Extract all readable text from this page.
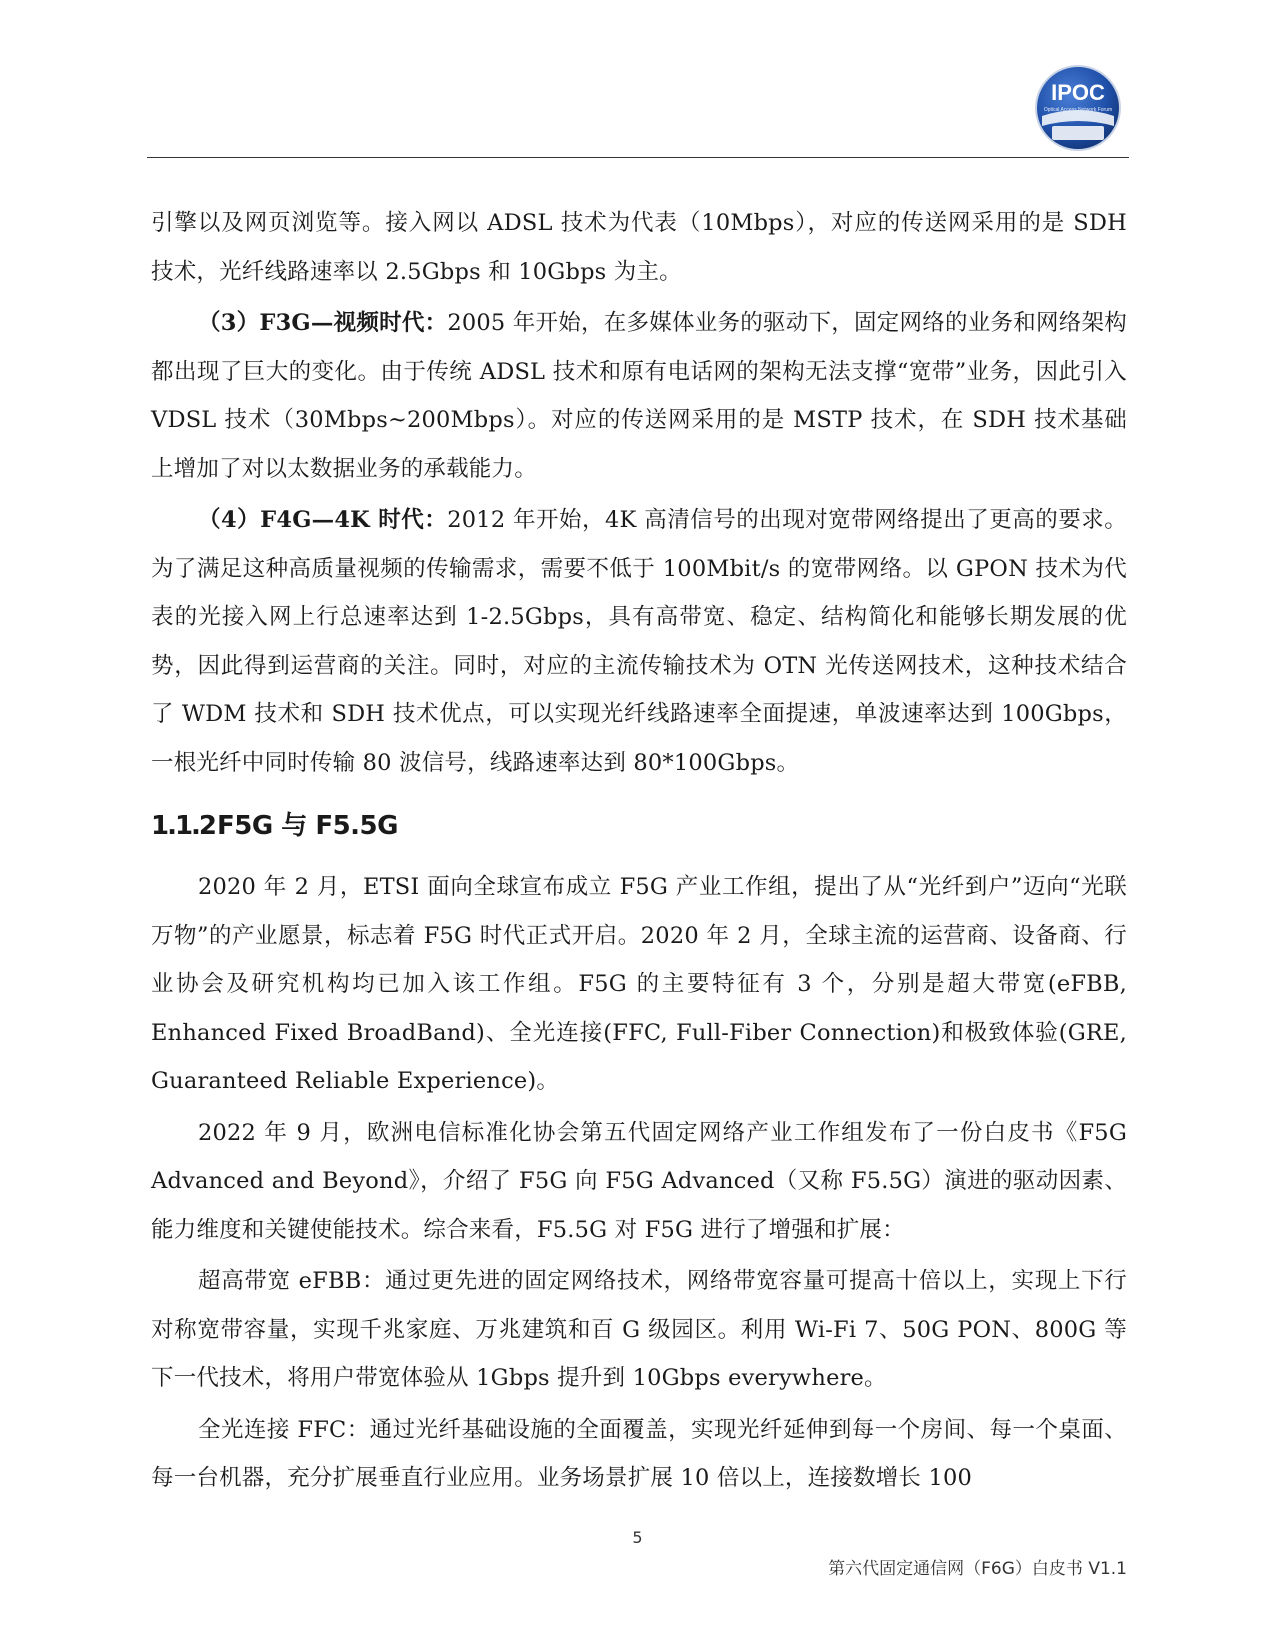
IPOC
Optical Access Network Forum

引擎以及网页浏览等。接入网以 ADSL 技术为代表（10Mbps），对应的传送网采用的是 SDH 技术，光纤线路速率以 2.5Gbps 和 10Gbps 为主。

（3）F3G—视频时代：2005 年开始，在多媒体业务的驱动下，固定网络的业务和网络架构都出现了巨大的变化。由于传统 ADSL 技术和原有电话网的架构无法支撑“宽带”业务，因此引入 VDSL 技术（30Mbps~200Mbps）。对应的传送网采用的是 MSTP 技术，在 SDH 技术基础上增加了对以太数据业务的承载能力。

（4）F4G—4K 时代：2012 年开始，4K 高清信号的出现对宽带网络提出了更高的要求。为了满足这种高质量视频的传输需求，需要不低于 100Mbit/s 的宽带网络。以 GPON 技术为代表的光接入网上行总速率达到 1-2.5Gbps，具有高带宽、稳定、结构简化和能够长期发展的优势，因此得到运营商的关注。同时，对应的主流传输技术为 OTN 光传送网技术，这种技术结合了 WDM 技术和 SDH 技术优点，可以实现光纤线路速率全面提速，单波速率达到 100Gbps，一根光纤中同时传输 80 波信号，线路速率达到 80*100Gbps。

1.1.2F5G 与 F5.5G

2020 年 2 月，ETSI 面向全球宣布成立 F5G 产业工作组，提出了从“光纤到户”迈向“光联万物”的产业愿景，标志着 F5G 时代正式开启。2020 年 2 月，全球主流的运营商、设备商、行业协会及研究机构均已加入该工作组。F5G 的主要特征有 3 个，分别是超大带宽(eFBB, Enhanced Fixed BroadBand)、全光连接(FFC, Full-Fiber Connection)和极致体验(GRE, Guaranteed Reliable Experience)。

2022 年 9 月，欧洲电信标准化协会第五代固定网络产业工作组发布了一份白皮书《F5G Advanced and Beyond》，介绍了 F5G 向 F5G Advanced（又称 F5.5G）演进的驱动因素、能力维度和关键使能技术。综合来看，F5.5G 对 F5G 进行了增强和扩展：

超高带宽 eFBB：通过更先进的固定网络技术，网络带宽容量可提高十倍以上，实现上下行对称宽带容量，实现千兆家庭、万兆建筑和百 G 级园区。利用 Wi-Fi 7、50G PON、800G 等下一代技术，将用户带宽体验从 1Gbps 提升到 10Gbps everywhere。

全光连接 FFC：通过光纤基础设施的全面覆盖，实现光纤延伸到每一个房间、每一个桌面、每一台机器，充分扩展垂直行业应用。业务场景扩展 10 倍以上，连接数增长 100

5
第六代固定通信网（F6G）白皮书 V1.1
